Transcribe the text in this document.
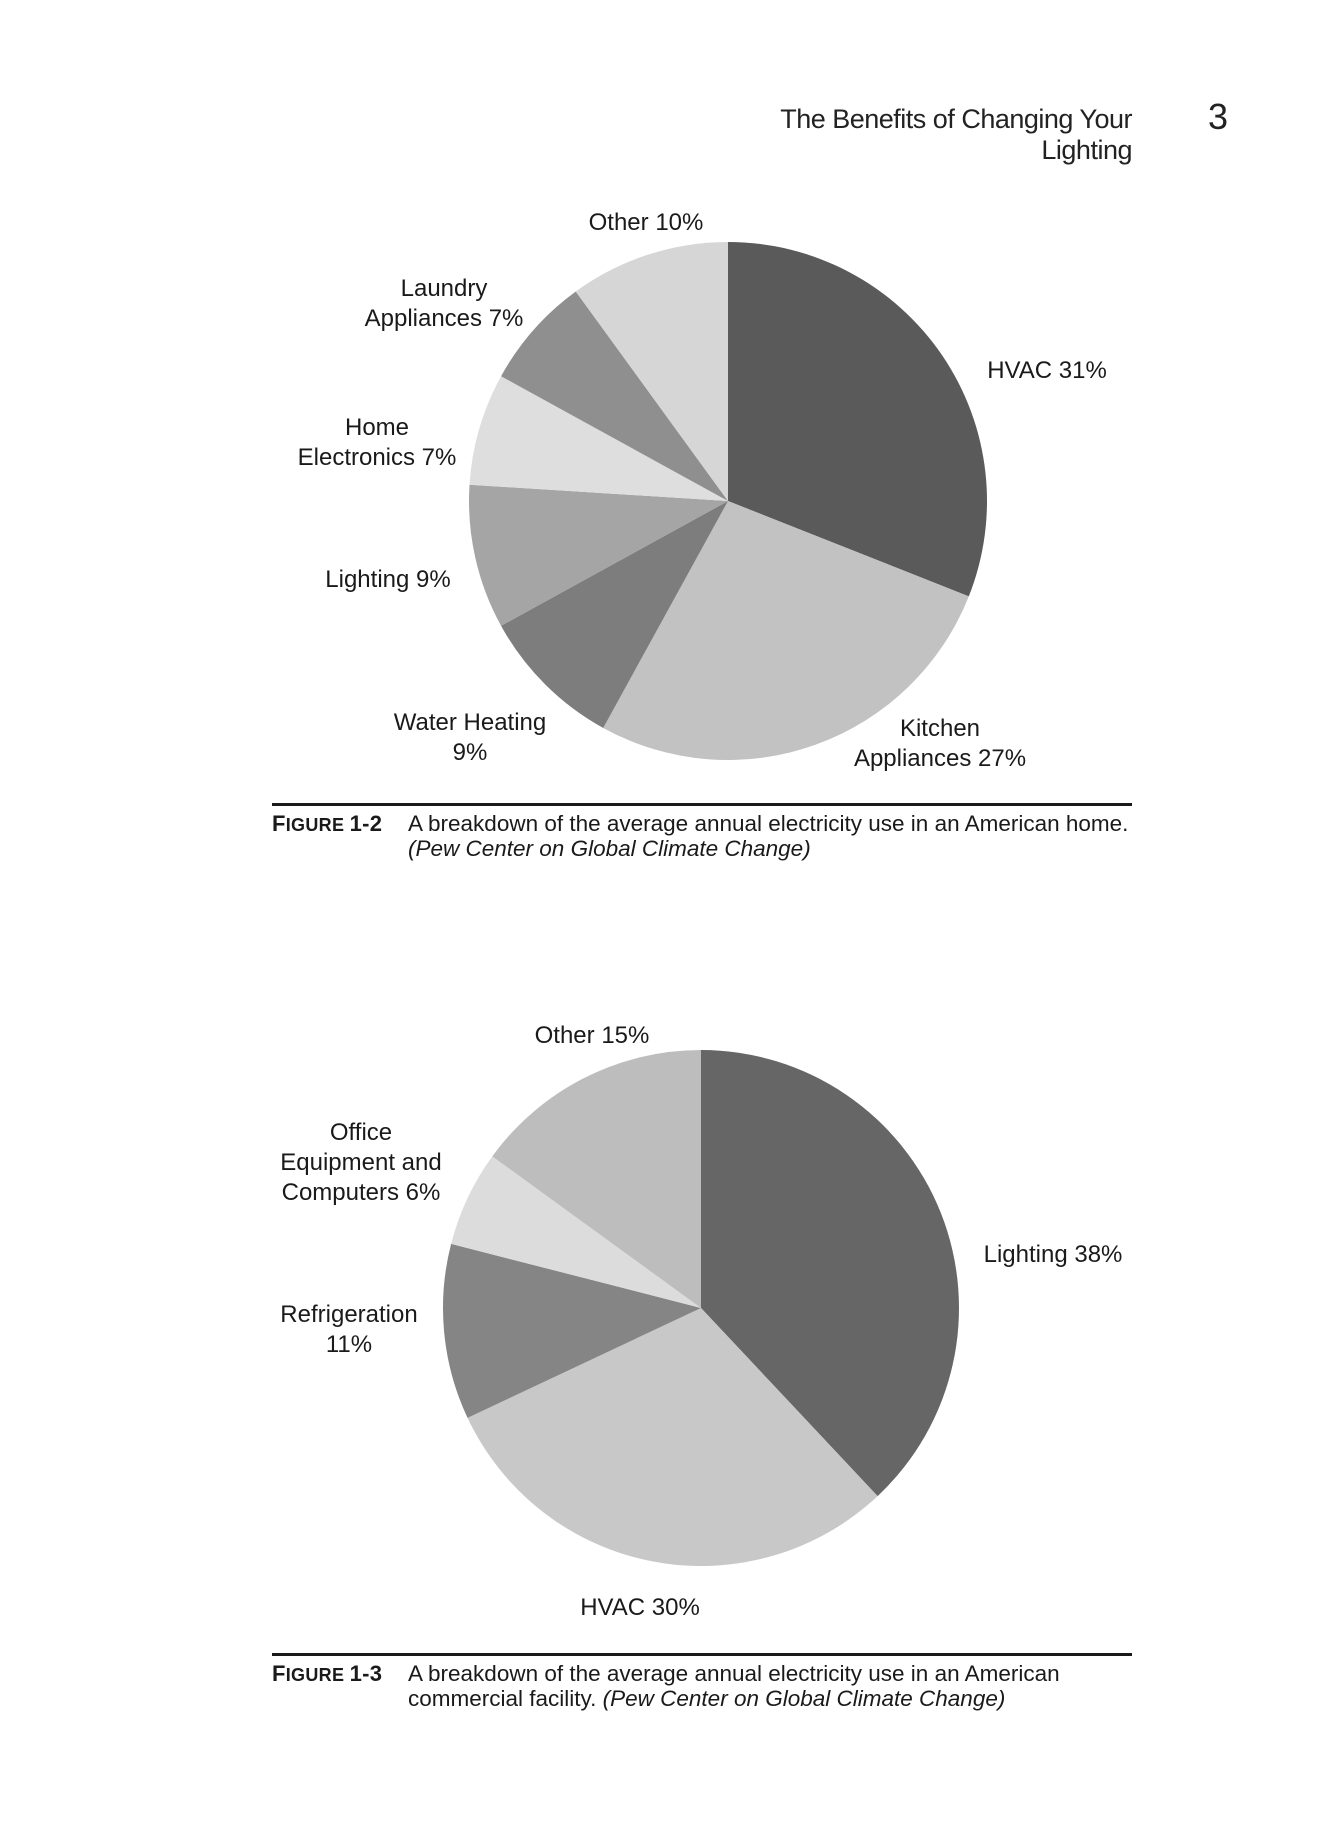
The Benefits of Changing Your Lighting
3
HVAC 31%
Kitchen Appliances 27%
Water Heating 9%
Lighting 9%
Home Electronics 7%
Laundry Appliances 7%
Other 10%
FIGURE 1-2 A breakdown of the average annual electricity use in an American home. (Pew Center on Global Climate Change)
Lighting 38%
HVAC 30%
Refrigeration 11%
Office Equipment and Computers 6%
Other 15%
FIGURE 1-3 A breakdown of the average annual electricity use in an American commercial facility. (Pew Center on Global Climate Change)
